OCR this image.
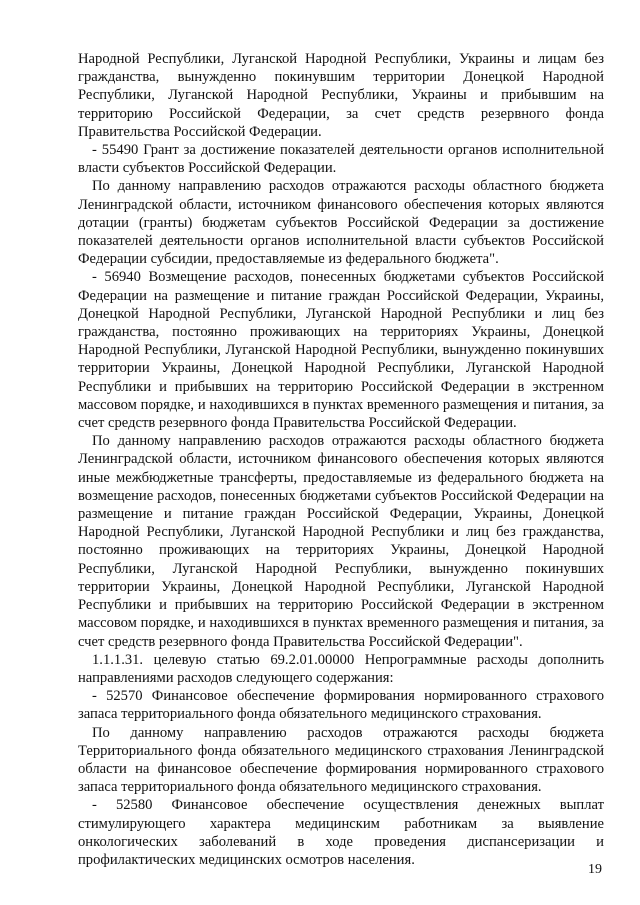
Народной Республики, Луганской Народной Республики, Украины и лицам без гражданства, вынужденно покинувшим территории Донецкой Народной Республики, Луганской Народной Республики, Украины и прибывшим на территорию Российской Федерации, за счет средств резервного фонда Правительства Российской Федерации.

- 55490 Грант за достижение показателей деятельности органов исполнительной власти субъектов Российской Федерации.

По данному направлению расходов отражаются расходы областного бюджета Ленинградской области, источником финансового обеспечения которых являются дотации (гранты) бюджетам субъектов Российской Федерации за достижение показателей деятельности органов исполнительной власти субъектов Российской Федерации субсидии, предоставляемые из федерального бюджета".

- 56940 Возмещение расходов, понесенных бюджетами субъектов Российской Федерации на размещение и питание граждан Российской Федерации, Украины, Донецкой Народной Республики, Луганской Народной Республики и лиц без гражданства, постоянно проживающих на территориях Украины, Донецкой Народной Республики, Луганской Народной Республики, вынужденно покинувших территории Украины, Донецкой Народной Республики, Луганской Народной Республики и прибывших на территорию Российской Федерации в экстренном массовом порядке, и находившихся в пунктах временного размещения и питания, за счет средств резервного фонда Правительства Российской Федерации.

По данному направлению расходов отражаются расходы областного бюджета Ленинградской области, источником финансового обеспечения которых являются иные межбюджетные трансферты, предоставляемые из федерального бюджета на возмещение расходов, понесенных бюджетами субъектов Российской Федерации на размещение и питание граждан Российской Федерации, Украины, Донецкой Народной Республики, Луганской Народной Республики и лиц без гражданства, постоянно проживающих на территориях Украины, Донецкой Народной Республики, Луганской Народной Республики, вынужденно покинувших территории Украины, Донецкой Народной Республики, Луганской Народной Республики и прибывших на территорию Российской Федерации в экстренном массовом порядке, и находившихся в пунктах временного размещения и питания, за счет средств резервного фонда Правительства Российской Федерации".

1.1.1.31. целевую статью 69.2.01.00000 Непрограммные расходы дополнить направлениями расходов следующего содержания:

- 52570 Финансовое обеспечение формирования нормированного страхового запаса территориального фонда обязательного медицинского страхования.

По данному направлению расходов отражаются расходы бюджета Территориального фонда обязательного медицинского страхования Ленинградской области на финансовое обеспечение формирования нормированного страхового запаса территориального фонда обязательного медицинского страхования.

- 52580 Финансовое обеспечение осуществления денежных выплат стимулирующего характера медицинским работникам за выявление онкологических заболеваний в ходе проведения диспансеризации и профилактических медицинских осмотров населения.

19
